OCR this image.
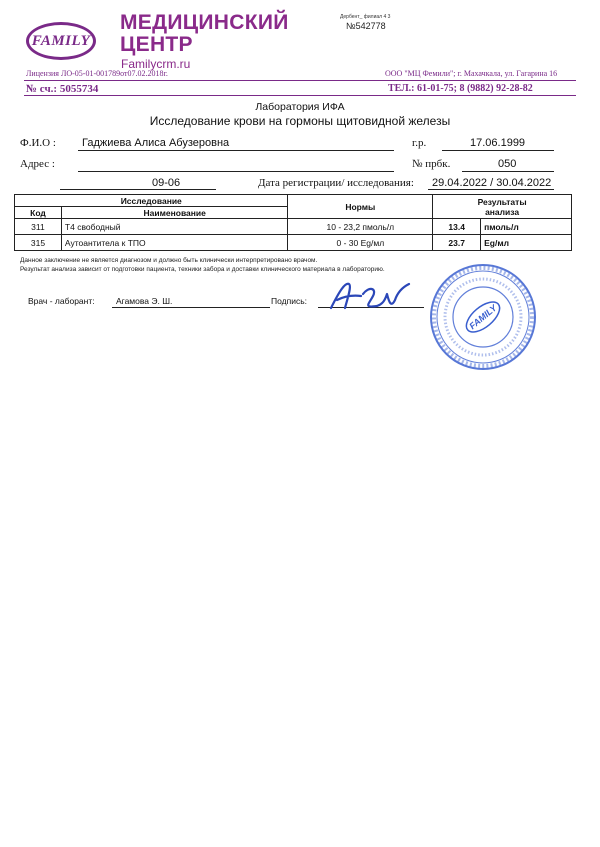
FAMILY
МЕДИЦИНСКИЙ
ЦЕНТР
Familycrm.ru
Дербент_ филиал 4 3
№542778
Лицензия ЛО-05-01-001789от07.02.2018г.	ООО "МЦ Фемили"; г. Махачкала, ул. Гагарина 16
№ сч.: 5055734	ТЕЛ.: 61-01-75; 8 (9882) 92-28-82
Лаборатория ИФА
Исследование крови на гормоны щитовидной железы
Ф.И.О : Гаджиева Алиса Абузеровна	г.р.	17.06.1999
Адрес :	№ прбк.	050
09-06	Дата регистрации/ исследования: 29.04.2022 / 30.04.2022
Исследование		Нормы	Результаты
анализа	

Код	Наименование			
311	Т4 свободный	10 - 23,2 пмоль/л	13.4	пмоль/л
315	Аутоантитела к ТПО	0 - 30 Eg/мл	23.7	Eg/мл
Данное заключение не является диагнозом и должно быть клинически интерпретировано врачом.
Результат анализа зависит от подготовки пациента, техники забора и доставки клинического материала в лабораторию.
Врач - лаборант:	Агамова Э. Ш.	Подпись:
FAMILY
